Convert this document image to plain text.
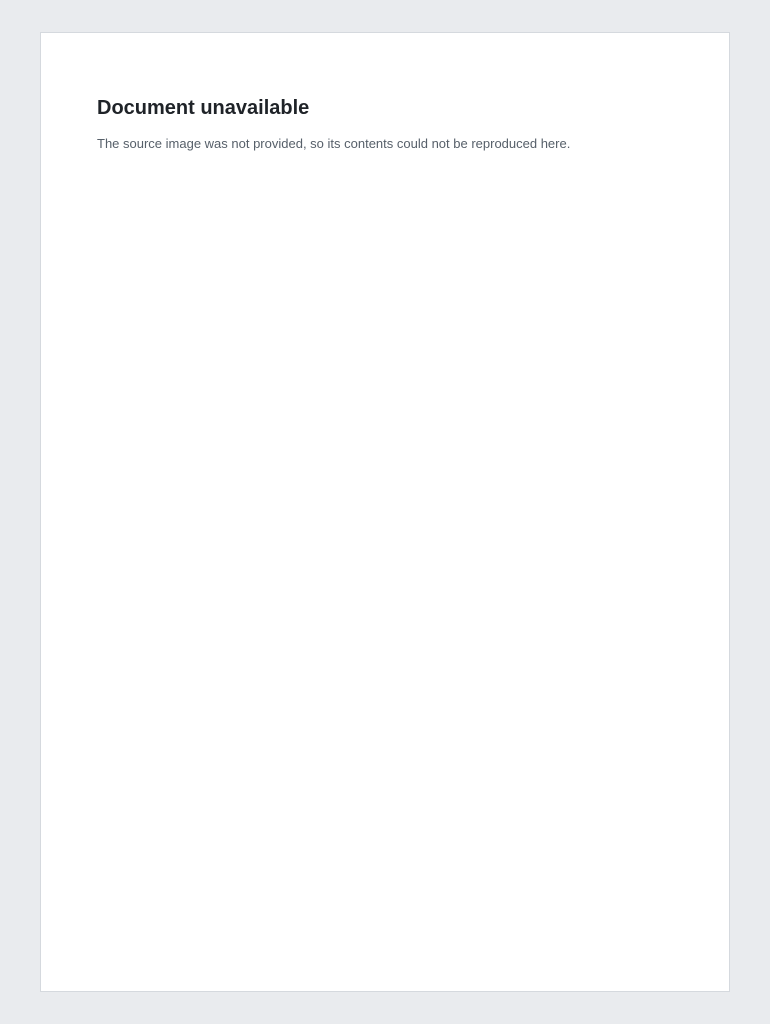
Document unavailable

The source image was not provided, so its contents could not be reproduced here.
